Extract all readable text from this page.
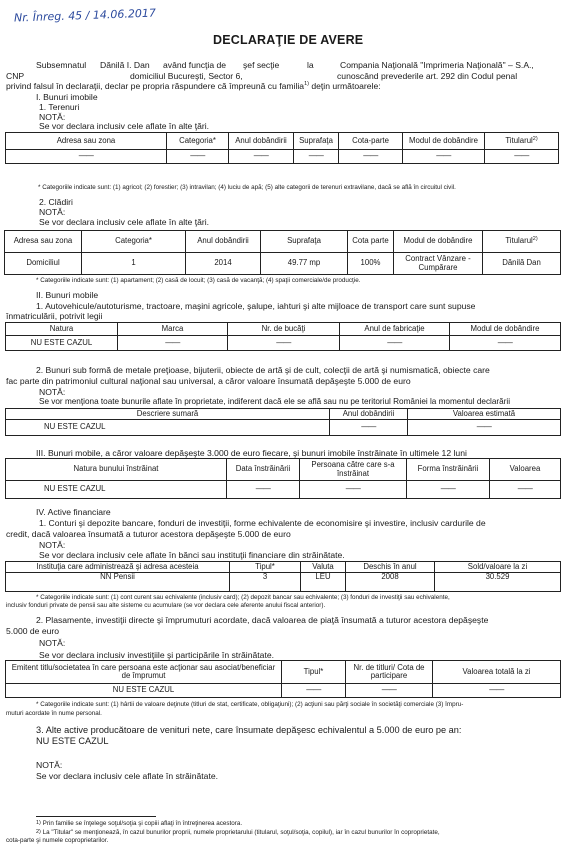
Nr. Înreg. 45 / 14.06.2017
DECLARAŢIE DE AVERE
Subsemnatul Dănilă I. Dan având funcţia de şef secţie	la	Compania Naţională "Imprimeria Naţională" – S.A.,
CNP	domiciliul Bucureşti, Sector 6,	cunoscând prevederile art. 292 din Codul penal
privind falsul în declaraţii, declar pe propria răspundere că împreună cu familia$^{1)}$ deţin următoarele:
I. Bunuri imobile
1. Terenuri
NOTĂ:
Se vor declara inclusiv cele aflate în alte ţări.
Adresa sau zona	Categoria*	Anul dobândirii	Suprafaţa	Cota-parte	Modul de dobândire	Titularul$^{2)}$
——	——	——	——	——	——	——
* Categoriile indicate sunt: (1) agricol; (2) forestier; (3) intravilan; (4) luciu de apă; (5) alte categorii de terenuri extravilane, dacă se află în circuitul civil.
2. Clădiri
NOTĂ:
Se vor declara inclusiv cele aflate în alte ţări.
Adresa sau zona	Categoria*	Anul dobândirii	Suprafaţa	Cota parte	Modul de dobândire	Titularul$^{2)}$
Domiciliul	1	2014	49.77 mp	100%	Contract Vânzare - Cumpărare	Dănilă Dan
* Categoriile indicate sunt: (1) apartament; (2) casă de locuit; (3) casă de vacanţă; (4) spaţii comerciale/de producţie.
II. Bunuri mobile
1. Autovehicule/autoturisme, tractoare, maşini agricole, şalupe, iahturi şi alte mijloace de transport care sunt supuse
înmatriculării, potrivit legii
Natura	Marca	Nr. de bucăţi	Anul de fabricaţie	Modul de dobândire
NU ESTE CAZUL	——	——	——	——
2. Bunuri sub formă de metale preţioase, bijuterii, obiecte de artă şi de cult, colecţii de artă şi numismatică, obiecte care
fac parte din patrimoniul cultural naţional sau universal, a căror valoare însumată depăşeşte 5.000 de euro
NOTĂ:
Se vor menţiona toate bunurile aflate în proprietate, indiferent dacă ele se află sau nu pe teritoriul României la momentul declarării
Descriere sumară	Anul dobândirii	Valoarea estimată
NU ESTE CAZUL	——	——
III. Bunuri mobile, a căror valoare depăşeşte 3.000 de euro fiecare, şi bunuri imobile înstrăinate în ultimele 12 luni
Natura bunului înstrăinat	Data înstrăinării	Persoana către care s-a înstrăinat	Forma înstrăinării	Valoarea
NU ESTE CAZUL	——	——	——	——
IV. Active financiare
1. Conturi şi depozite bancare, fonduri de investiţii, forme echivalente de economisire şi investire, inclusiv cardurile de
credit, dacă valoarea însumată a tuturor acestora depăşeşte 5.000 de euro
NOTĂ:
Se vor declara inclusiv cele aflate în bănci sau instituţii financiare din străinătate.
Instituţia care administrează şi adresa acesteia	Tipul*	Valuta	Deschis în anul	Sold/valoare la zi
NN Pensii	3	LEU	2008	30.529
* Categoriile indicate sunt: (1) cont curent sau echivalente (inclusiv card); (2) depozit bancar sau echivalente; (3) fonduri de investiţii sau echivalente,
inclusiv fonduri private de pensii sau alte sisteme cu acumulare (se vor declara cele aferente anului fiscal anterior).
2. Plasamente, investiţii directe şi împrumuturi acordate, dacă valoarea de piaţă însumată a tuturor acestora depăşeşte
5.000 de euro
NOTĂ:
Se vor declara inclusiv investiţiile şi participările în străinătate.
Emitent titlu/societatea în care persoana este acţionar sau asociat/beneficiar de împrumut	Tipul*	Nr. de titluri/ Cota de participare	Valoarea totală la zi
NU ESTE CAZUL	——	——	——
* Categoriile indicate sunt: (1) hârtii de valoare deţinute (titluri de stat, certificate, obligaţiuni); (2) acţiuni sau părţi sociale în societăţi comerciale (3) împru-
muturi acordate în nume personal.
3. Alte active producătoare de venituri nete, care însumate depăşesc echivalentul a 5.000 de euro pe an:
NU ESTE CAZUL
NOTĂ:
Se vor declara inclusiv cele aflate în străinătate.
1) Prin familie se înţelege soţul/soţia şi copiii aflaţi în întreţinerea acestora.
2) La "Titular" se menţionează, în cazul bunurilor proprii, numele proprietarului (titularul, soţul/soţia, copilul), iar în cazul bunurilor în coproprietate,
cota-parte şi numele coproprietarilor.
